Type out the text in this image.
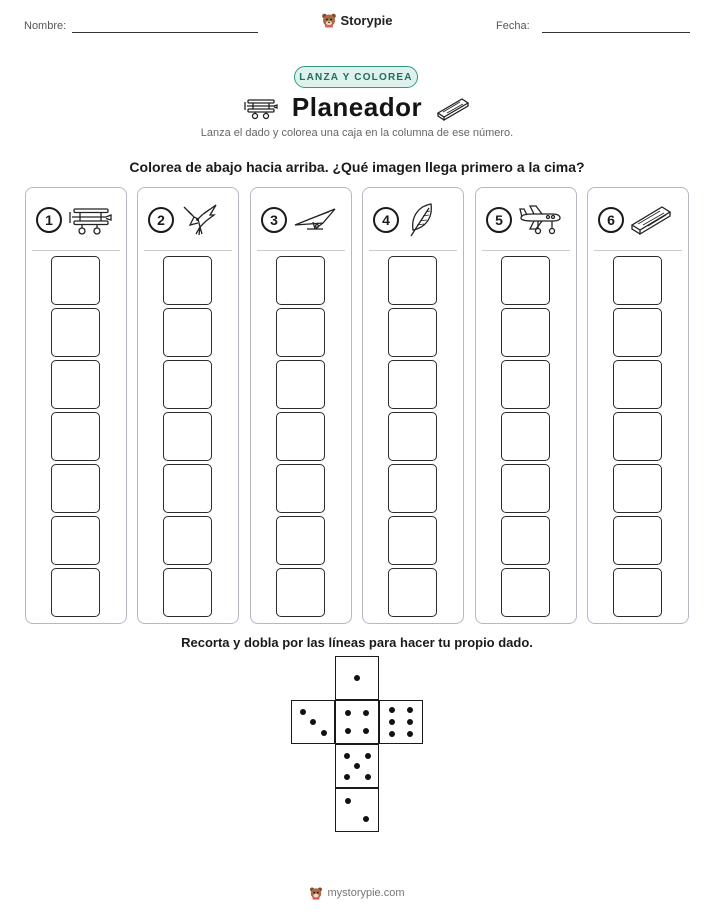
Nombre:	Storypie	Fecha:
LANZA Y COLOREA
Planeador
Lanza el dado y colorea una caja en la columna de ese número.
Colorea de abajo hacia arriba. ¿Qué imagen llega primero a la cima?
1	2	3	4	5	6
Recorta y dobla por las líneas para hacer tu propio dado.
mystorypie.com
